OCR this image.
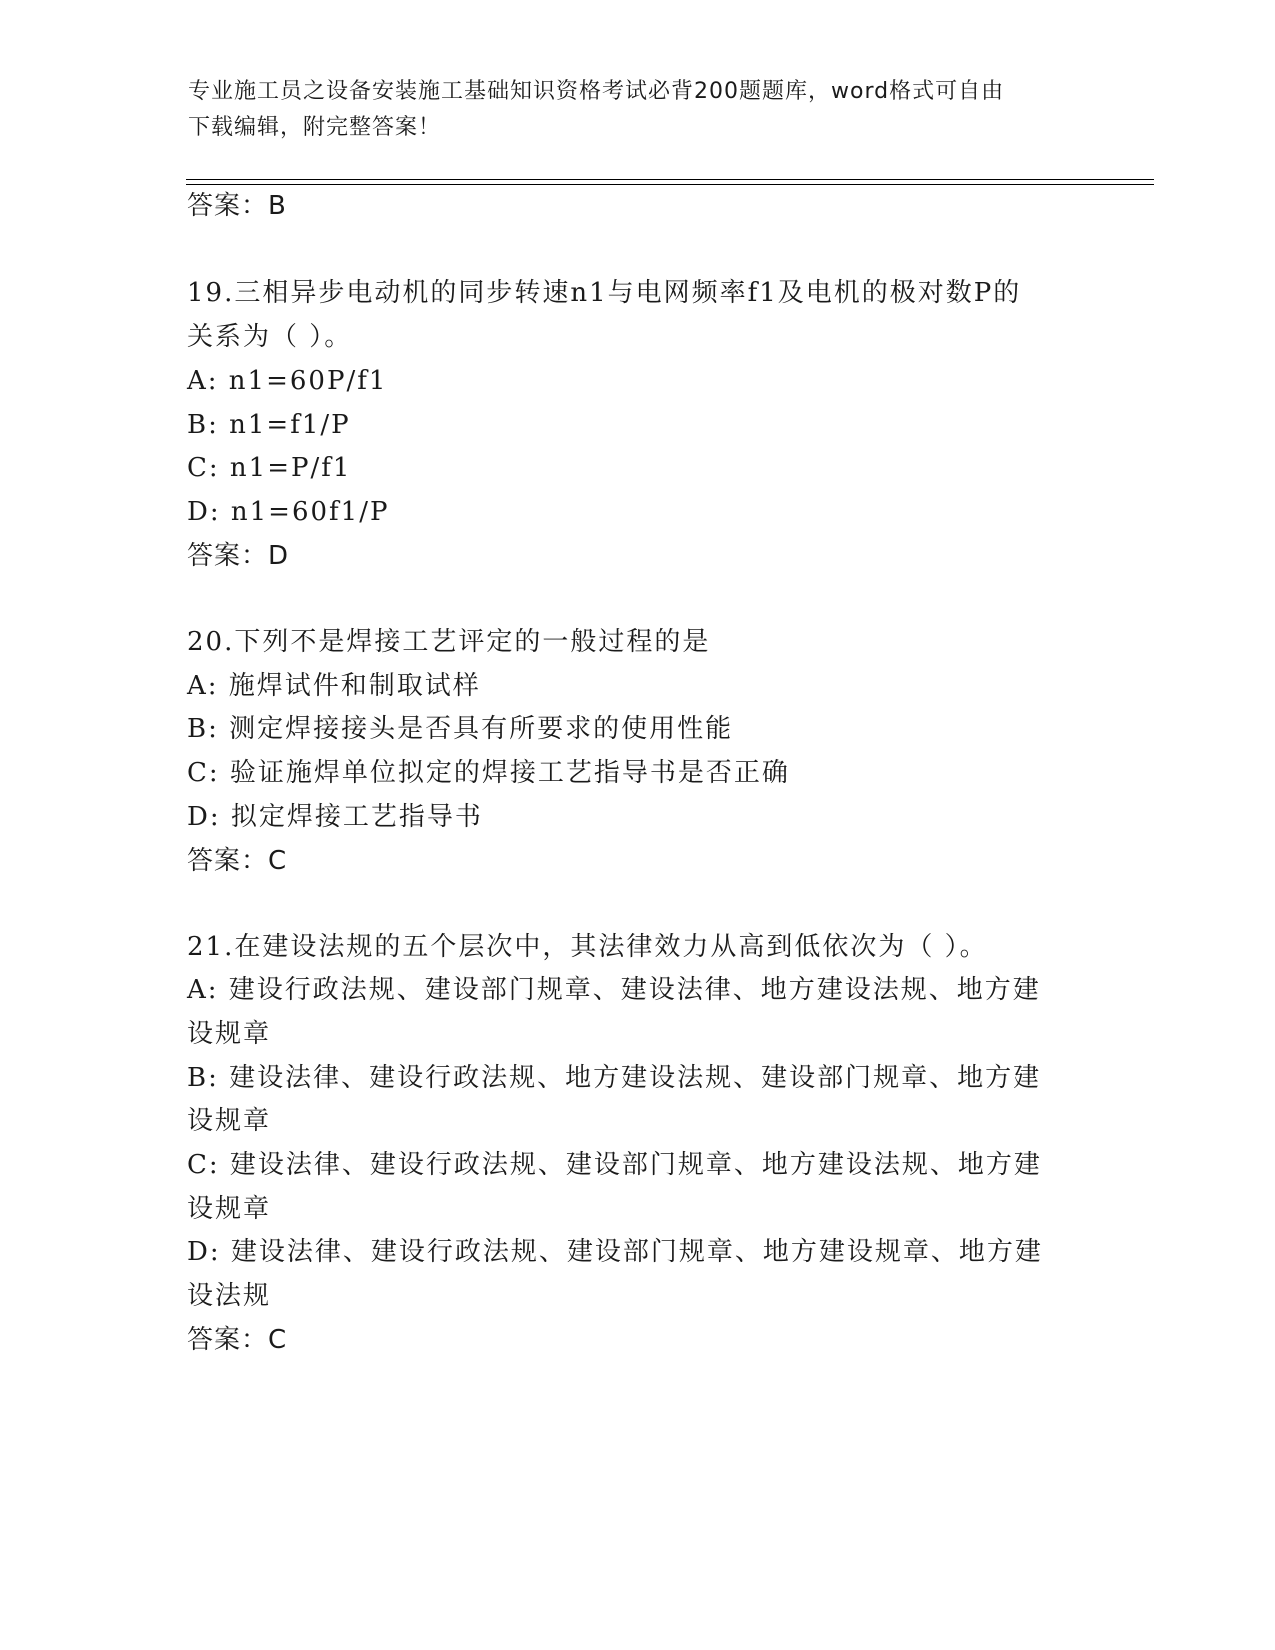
专业施工员之设备安装施工基础知识资格考试必背200题题库，word格式可自由
下载编辑，附完整答案！
答案：B
19.三相异步电动机的同步转速n1与电网频率f1及电机的极对数P的
关系为（ ）。
A: n1=60P/f1
B: n1=f1/P
C: n1=P/f1
D: n1=60f1/P
答案：D
20.下列不是焊接工艺评定的一般过程的是
A: 施焊试件和制取试样
B: 测定焊接接头是否具有所要求的使用性能
C: 验证施焊单位拟定的焊接工艺指导书是否正确
D: 拟定焊接工艺指导书
答案：C
21.在建设法规的五个层次中，其法律效力从高到低依次为（ ）。
A: 建设行政法规、建设部门规章、建设法律、地方建设法规、地方建
设规章
B: 建设法律、建设行政法规、地方建设法规、建设部门规章、地方建
设规章
C: 建设法律、建设行政法规、建设部门规章、地方建设法规、地方建
设规章
D: 建设法律、建设行政法规、建设部门规章、地方建设规章、地方建
设法规
答案：C
